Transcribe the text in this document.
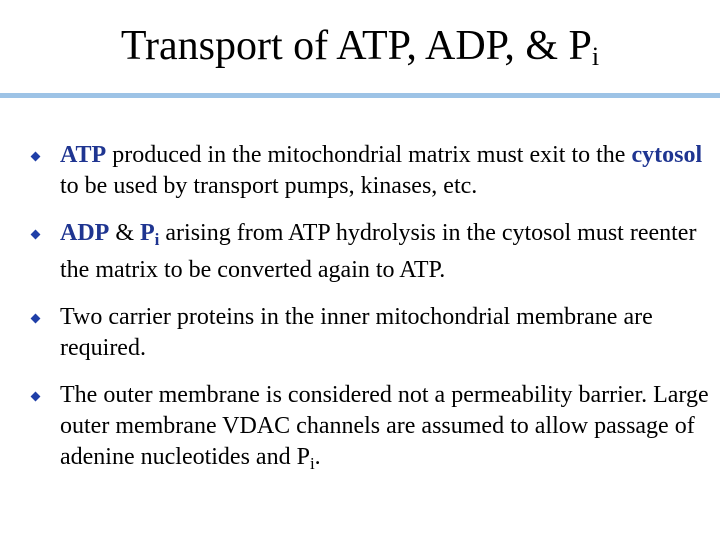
Transport of ATP, ADP, & $P_i$
ATP produced in the mitochondrial matrix must exit to the cytosol to be used by transport pumps, kinases, etc.
ADP & $P_i$ arising from ATP hydrolysis in the cytosol must reenter the matrix to be converted again to ATP.
Two carrier proteins in the inner mitochondrial membrane are required.
The outer membrane is considered not a permeability barrier. Large outer membrane VDAC channels are assumed to allow passage of adenine nucleotides and $P_i$.
